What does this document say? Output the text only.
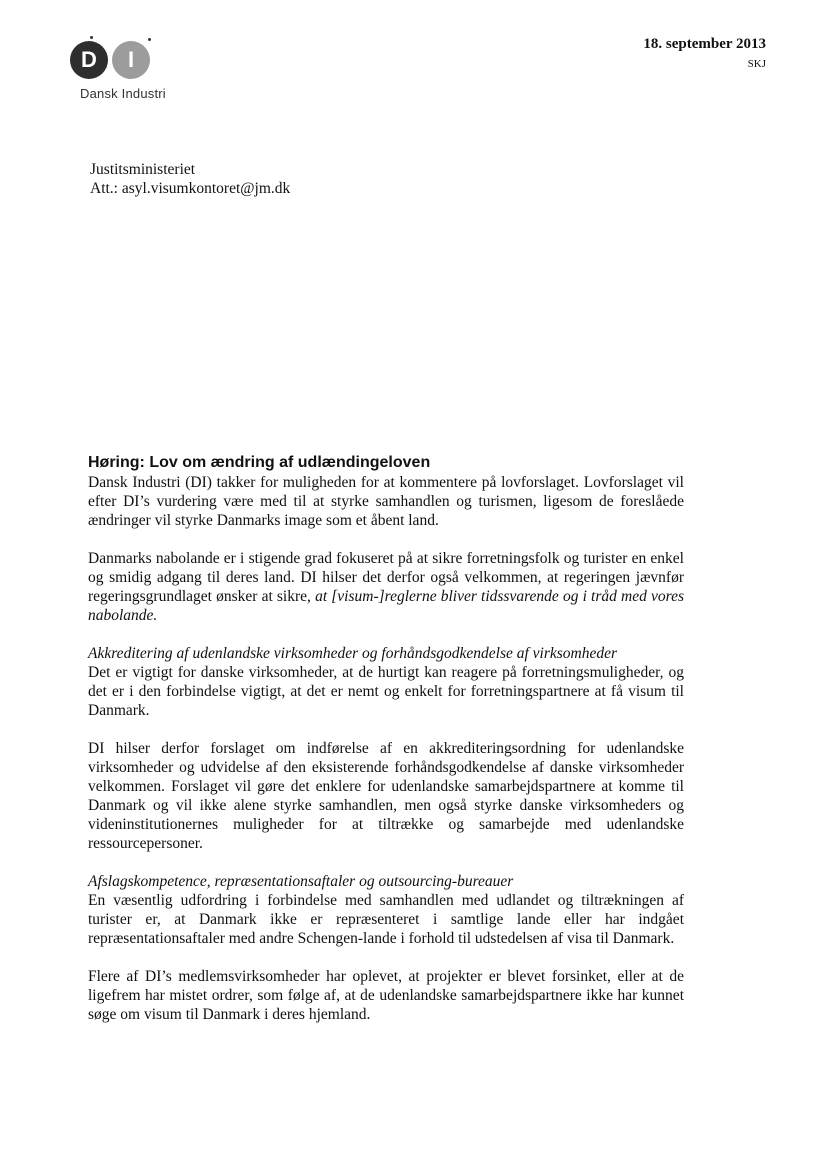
D	I
Dansk Industri
18. september 2013
SKJ
Justitsministeriet
Att.: asyl.visumkontoret@jm.dk
Høring: Lov om ændring af udlændingeloven

Dansk Industri (DI) takker for muligheden for at kommentere på lovforslaget. Lovforslaget vil efter DI’s vurdering være med til at styrke samhandlen og turismen, ligesom de foreslåede ændringer vil styrke Danmarks image som et åbent land.

Danmarks nabolande er i stigende grad fokuseret på at sikre forretningsfolk og turister en enkel og smidig adgang til deres land. DI hilser det derfor også velkommen, at regeringen jævnfør regeringsgrundlaget ønsker at sikre, at [visum-]reglerne bliver tidssvarende og i tråd med vores nabolande.

Akkreditering af udenlandske virksomheder og forhåndsgodkendelse af virksomheder

Det er vigtigt for danske virksomheder, at de hurtigt kan reagere på forretningsmuligheder, og det er i den forbindelse vigtigt, at det er nemt og enkelt for forretningspartnere at få visum til Danmark.

DI hilser derfor forslaget om indførelse af en akkrediteringsordning for udenlandske virksomheder og udvidelse af den eksisterende forhåndsgodkendelse af danske virksomheder velkommen. Forslaget vil gøre det enklere for udenlandske samarbejdspartnere at komme til Danmark og vil ikke alene styrke samhandlen, men også styrke danske virksomheders og videninstitutionernes muligheder for at tiltrække og samarbejde med udenlandske ressourcepersoner.

Afslagskompetence, repræsentationsaftaler og outsourcing-bureauer

En væsentlig udfordring i forbindelse med samhandlen med udlandet og tiltrækningen af turister er, at Danmark ikke er repræsenteret i samtlige lande eller har indgået repræsentationsaftaler med andre Schengen-lande i forhold til udstedelsen af visa til Danmark.

Flere af DI’s medlemsvirksomheder har oplevet, at projekter er blevet forsinket, eller at de ligefrem har mistet ordrer, som følge af, at de udenlandske samarbejdspartnere ikke har kunnet søge om visum til Danmark i deres hjemland.
